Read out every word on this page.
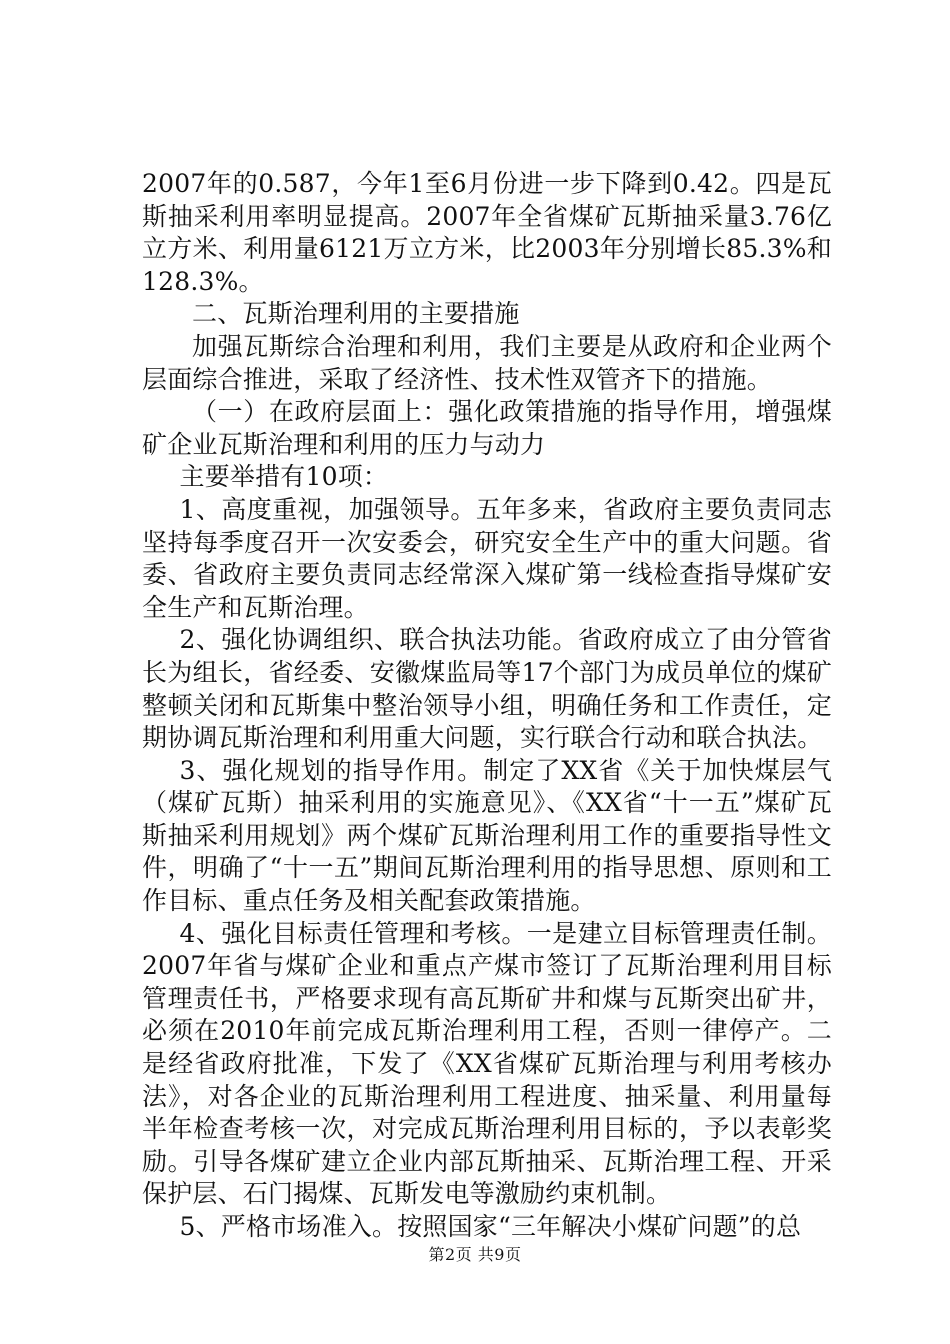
2007年的0.587，今年1至6月份进一步下降到0.42。四是瓦斯抽采利用率明显提高。2007年全省煤矿瓦斯抽采量3.76亿立方米、利用量6121万立方米，比2003年分别增长85.3%和128.3%。

二、瓦斯治理利用的主要措施

加强瓦斯综合治理和利用，我们主要是从政府和企业两个层面综合推进，采取了经济性、技术性双管齐下的措施。

（一）在政府层面上：强化政策措施的指导作用，增强煤矿企业瓦斯治理和利用的压力与动力

主要举措有10项：

1、高度重视，加强领导。五年多来，省政府主要负责同志坚持每季度召开一次安委会，研究安全生产中的重大问题。省委、省政府主要负责同志经常深入煤矿第一线检查指导煤矿安全生产和瓦斯治理。

2、强化协调组织、联合执法功能。省政府成立了由分管省长为组长，省经委、安徽煤监局等17个部门为成员单位的煤矿整顿关闭和瓦斯集中整治领导小组，明确任务和工作责任，定期协调瓦斯治理和利用重大问题，实行联合行动和联合执法。

3、强化规划的指导作用。制定了XX省《关于加快煤层气（煤矿瓦斯）抽采利用的实施意见》、《XX省“十一五”煤矿瓦斯抽采利用规划》两个煤矿瓦斯治理利用工作的重要指导性文件，明确了“十一五”期间瓦斯治理利用的指导思想、原则和工作目标、重点任务及相关配套政策措施。

4、强化目标责任管理和考核。一是建立目标管理责任制。2007年省与煤矿企业和重点产煤市签订了瓦斯治理利用目标管理责任书，严格要求现有高瓦斯矿井和煤与瓦斯突出矿井，必须在2010年前完成瓦斯治理利用工程，否则一律停产。二是经省政府批准，下发了《XX省煤矿瓦斯治理与利用考核办法》，对各企业的瓦斯治理利用工程进度、抽采量、利用量每半年检查考核一次，对完成瓦斯治理利用目标的，予以表彰奖励。引导各煤矿建立企业内部瓦斯抽采、瓦斯治理工程、开采保护层、石门揭煤、瓦斯发电等激励约束机制。

5、严格市场准入。按照国家“三年解决小煤矿问题”的总

第2页 共9页
